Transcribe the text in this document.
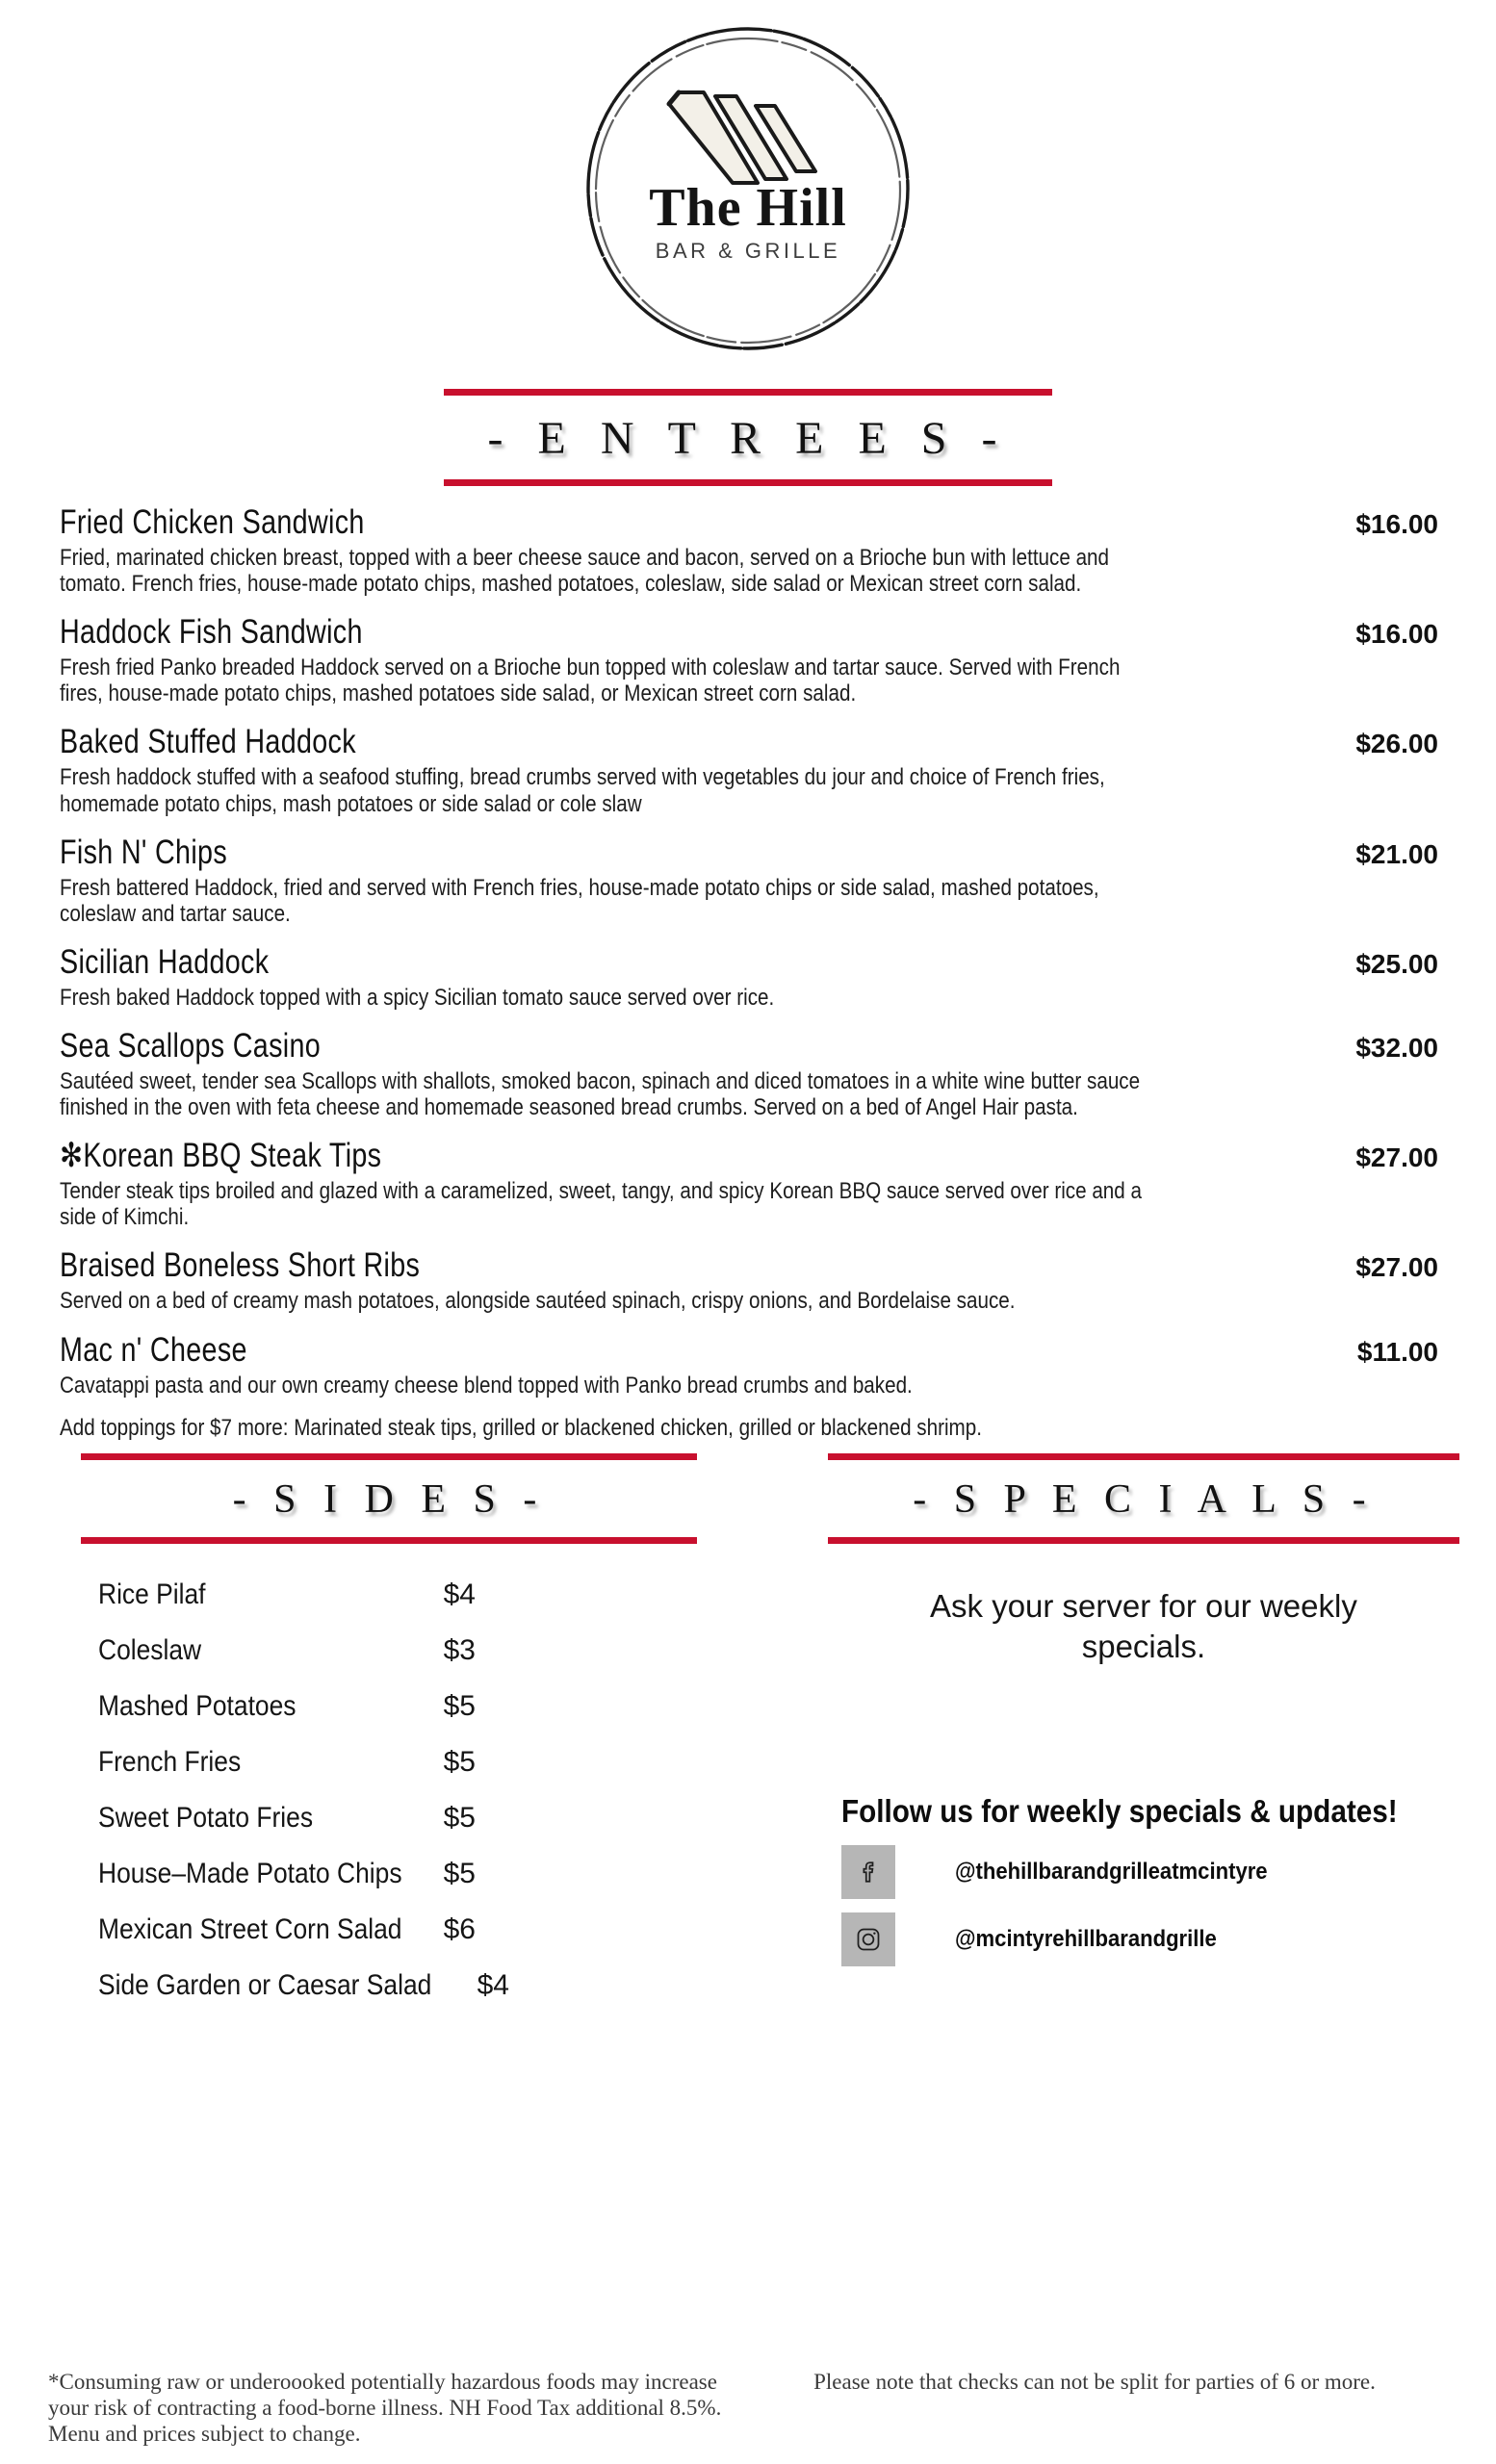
The Hill
BAR & GRILLE
- E N T R E E S -
Fried Chicken Sandwich	$16.00
Fried, marinated chicken breast, topped with a beer cheese sauce and bacon, served on a Brioche bun with lettuce and tomato. French fries, house-made potato chips, mashed potatoes, coleslaw, side salad or Mexican street corn salad.
Haddock Fish Sandwich	$16.00
Fresh fried Panko breaded Haddock served on a Brioche bun topped with coleslaw and tartar sauce. Served with French fires, house-made potato chips, mashed potatoes side salad, or Mexican street corn salad.
Baked Stuffed Haddock	$26.00
Fresh haddock stuffed with a seafood stuffing, bread crumbs served with vegetables du jour and choice of French fries, homemade potato chips, mash potatoes or side salad or cole slaw
Fish N' Chips	$21.00
Fresh battered Haddock, fried and served with French fries, house-made potato chips or side salad, mashed potatoes, coleslaw and tartar sauce.
Sicilian Haddock	$25.00
Fresh baked Haddock topped with a spicy Sicilian tomato sauce served over rice.
Sea Scallops Casino	$32.00
Sautéed sweet, tender sea Scallops with shallots, smoked bacon, spinach and diced tomatoes in a white wine butter sauce finished in the oven with feta cheese and homemade seasoned bread crumbs. Served on a bed of Angel Hair pasta.
✻Korean BBQ Steak Tips	$27.00
Tender steak tips broiled and glazed with a caramelized, sweet, tangy, and spicy Korean BBQ sauce served over rice and a side of Kimchi.
Braised Boneless Short Ribs	$27.00
Served on a bed of creamy mash potatoes, alongside sautéed spinach, crispy onions, and Bordelaise sauce.
Mac n' Cheese	$11.00
Cavatappi pasta and our own creamy cheese blend topped with Panko bread crumbs and baked.
Add toppings for $7 more: Marinated steak tips, grilled or blackened chicken, grilled or blackened shrimp.
- S I D E S -
Rice Pilaf	$4
Coleslaw	$3
Mashed Potatoes	$5
French Fries	$5
Sweet Potato Fries	$5
House–Made Potato Chips $5
Mexican Street Corn Salad $6
Side Garden or Caesar Salad $4
- S P E C I A L S -
Ask your server for our weekly specials.
Follow us for weekly specials & updates!
@thehillbarandgrilleatmcintyre
@mcintyrehillbarandgrille
*Consuming raw or underoooked potentially hazardous foods may increase your risk of contracting a food-borne illness. NH Food Tax additional 8.5%. Menu and prices subject to change.
Please note that checks can not be split for parties of 6 or more.
